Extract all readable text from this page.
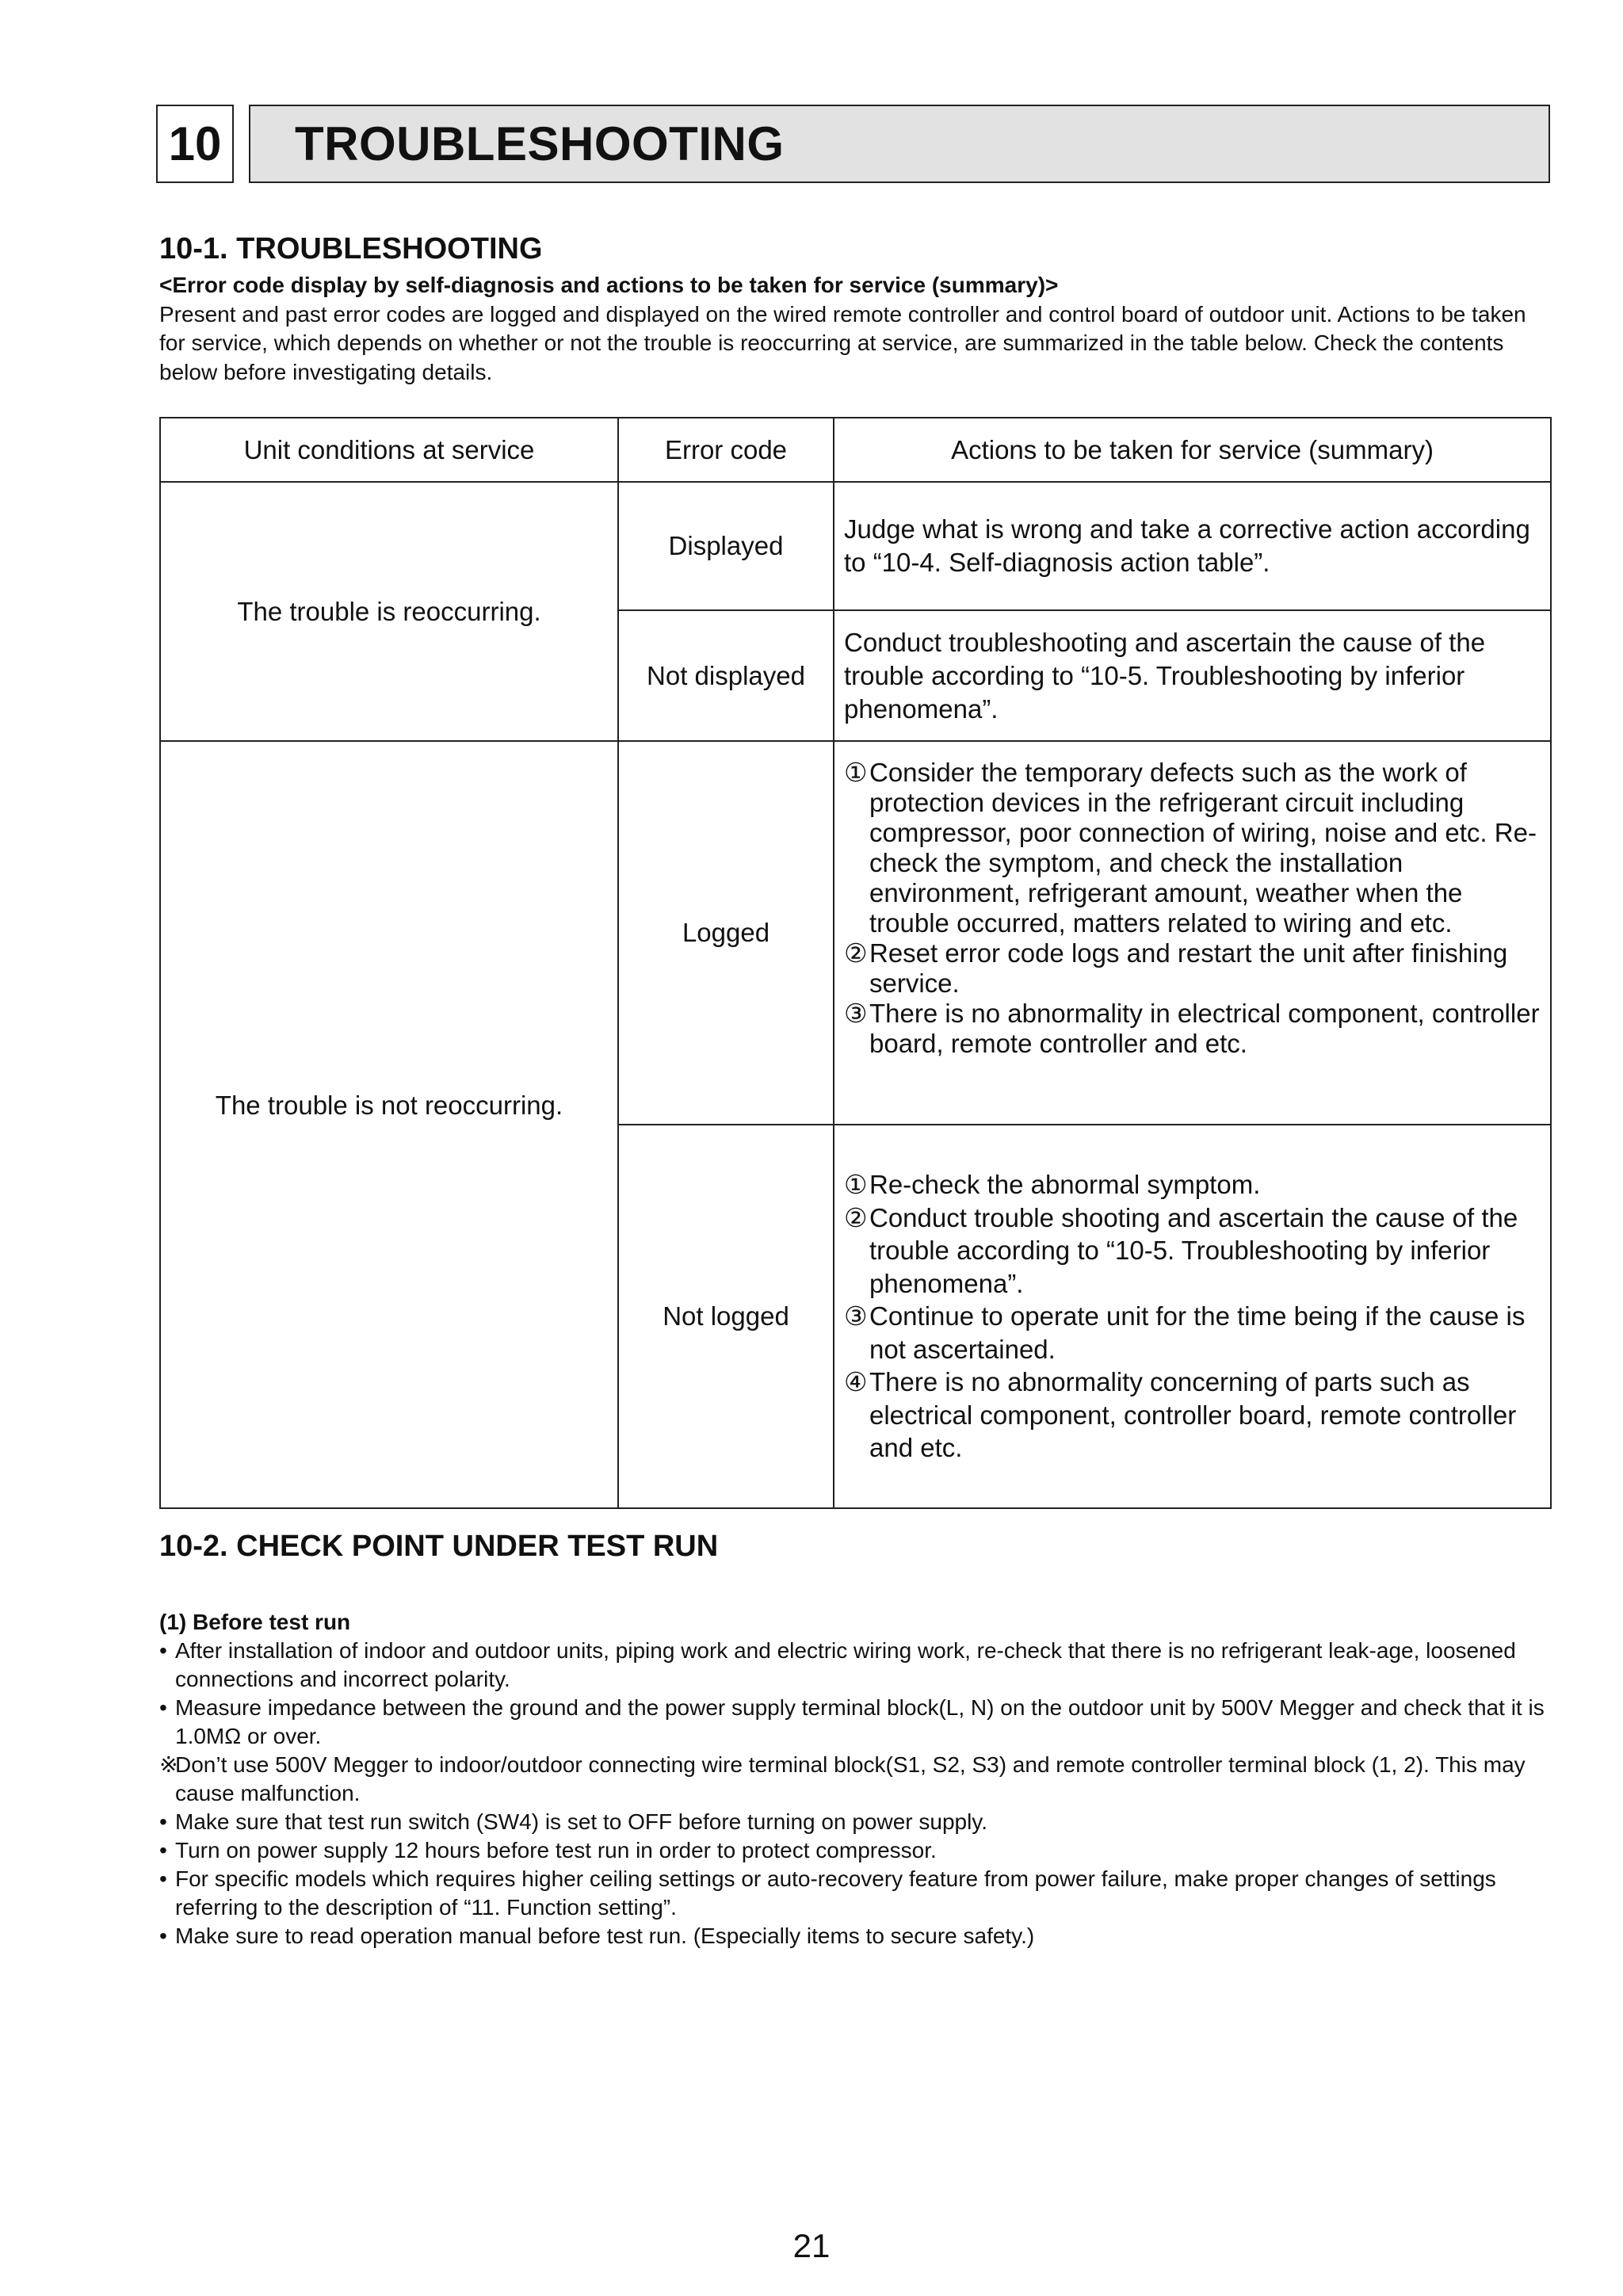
10 TROUBLESHOOTING
10-1. TROUBLESHOOTING
<Error code display by self-diagnosis and actions to be taken for service (summary)>
Present and past error codes are logged and displayed on the wired remote controller and control board of outdoor unit. Actions to be taken for service, which depends on whether or not the trouble is reoccurring at service, are summarized in the table below. Check the contents below before investigating details.
Unit conditions at service	Error code	Actions to be taken for service (summary)
The trouble is reoccurring.	Displayed	Judge what is wrong and take a corrective action according to “10-4. Self-diagnosis action table”.
	Not displayed	Conduct troubleshooting and ascertain the cause of the trouble according to “10-5. Troubleshooting by inferior phenomena”.

The trouble is not reoccurring.	Logged	①Consider the temporary defects such as the work of protection devices in the refrigerant circuit including compressor, poor connection of wiring, noise and etc. Re-check the symptom, and check the installation environment, refrigerant amount, weather when the trouble occurred, matters related to wiring and etc.
②Reset error code logs and restart the unit after finishing service.
③There is no abnormality in electrical component, controller board, remote controller and etc.

	Not logged	①Re-check the abnormal symptom.
②Conduct trouble shooting and ascertain the cause of the trouble according to “10-5. Troubleshooting by inferior phenomena”.
③Continue to operate unit for the time being if the cause is not ascertained.
④There is no abnormality concerning of parts such as electrical component, controller board, remote controller and etc.
10-2. CHECK POINT UNDER TEST RUN
(1) Before test run
• After installation of indoor and outdoor units, piping work and electric wiring work, re-check that there is no refrigerant leak-age, loosened connections and incorrect polarity.
• Measure impedance between the ground and the power supply terminal block(L, N) on the outdoor unit by 500V Megger and check that it is 1.0MΩ or over.
※Don’t use 500V Megger to indoor/outdoor connecting wire terminal block(S1, S2, S3) and remote controller terminal block (1, 2). This may cause malfunction.
• Make sure that test run switch (SW4) is set to OFF before turning on power supply.
• Turn on power supply 12 hours before test run in order to protect compressor.
• For specific models which requires higher ceiling settings or auto-recovery feature from power failure, make proper changes of settings referring to the description of “11. Function setting”.
• Make sure to read operation manual before test run. (Especially items to secure safety.)
21
